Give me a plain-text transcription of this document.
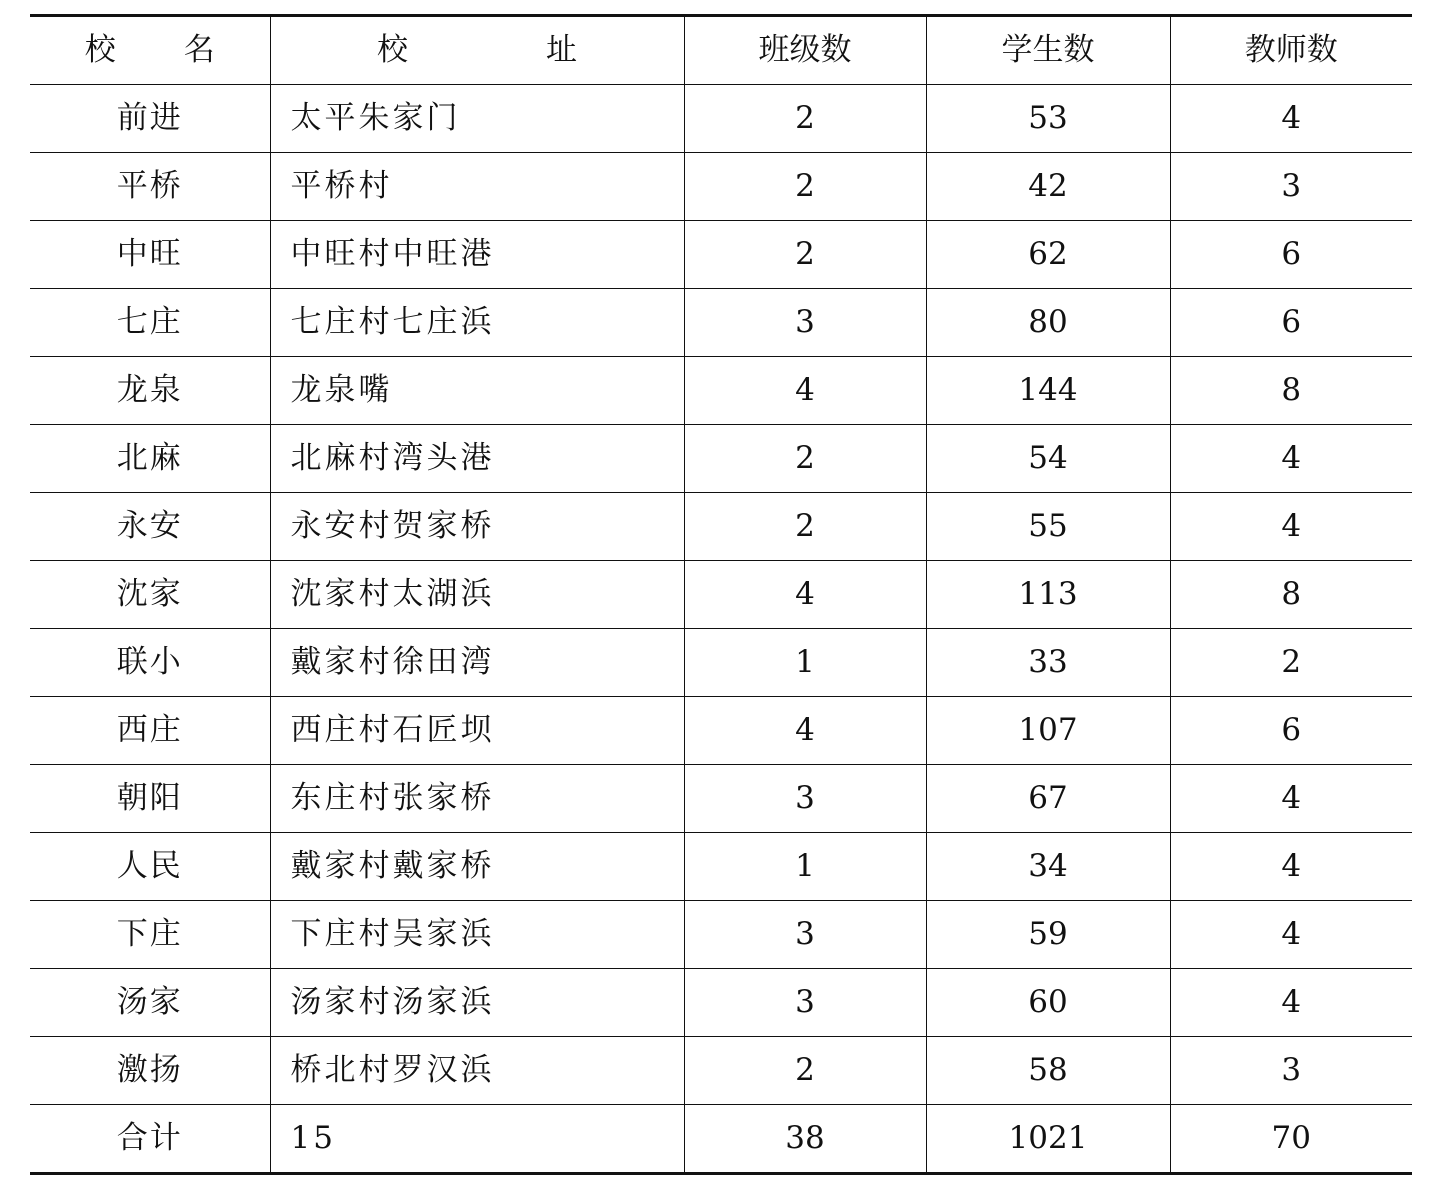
校 名	校 址	班级数	学生数	教师数
前进	太平朱家门	2	53	4
平桥	平桥村	2	42	3
中旺	中旺村中旺港	2	62	6
七庄	七庄村七庄浜	3	80	6
龙泉	龙泉嘴	4	144	8
北麻	北麻村湾头港	2	54	4
永安	永安村贺家桥	2	55	4
沈家	沈家村太湖浜	4	113	8
联小	戴家村徐田湾	1	33	2
西庄	西庄村石匠坝	4	107	6
朝阳	东庄村张家桥	3	67	4
人民	戴家村戴家桥	1	34	4
下庄	下庄村吴家浜	3	59	4
汤家	汤家村汤家浜	3	60	4
激扬	桥北村罗汉浜	2	58	3
合计	15	38	1021	70
